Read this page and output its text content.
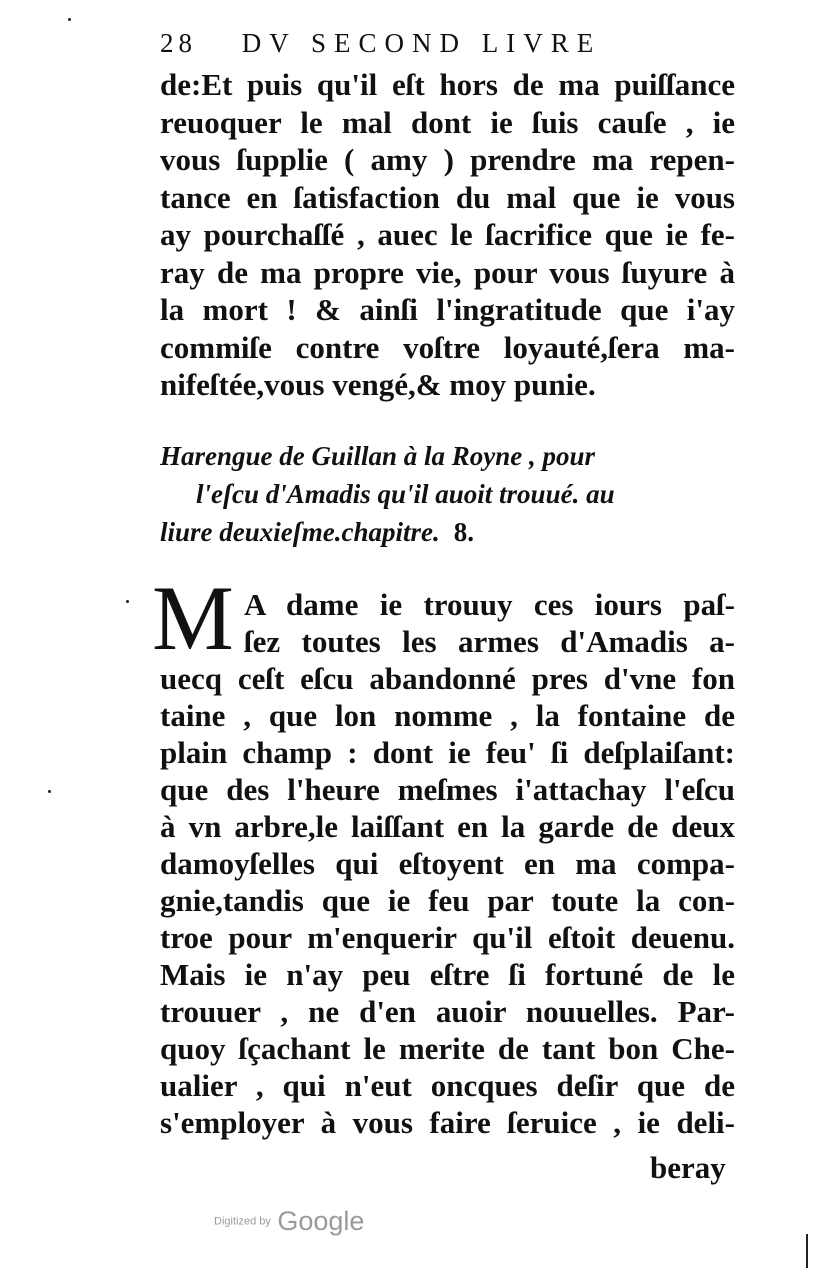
28 DV SECOND LIVRE
de:Et puis qu'il eſt hors de ma puiſſance
reuoquer le mal dont ie ſuis cauſe , ie
vous ſupplie ( amy ) prendre ma repen-
tance en ſatisfaction du mal que ie vous
ay pourchaſſé , auec le ſacrifice que ie fe-
ray de ma propre vie, pour vous ſuyure à
la mort ! & ainſi l'ingratitude que i'ay
commiſe contre voſtre loyauté,ſera ma-
nifeſtée,vous vengé,& moy punie.
Harengue de Guillan à la Royne , pour
l'eſcu d'Amadis qu'il auoit trouué. au
liure deuxieſme.chapitre. 8.
M A dame ie trouuy ces iours paſ-
ſez toutes les armes d'Amadis a-
uecq ceſt eſcu abandonné pres d'vne fon
taine , que lon nomme , la fontaine de
plain champ : dont ie feu' ſi deſplaiſant:
que des l'heure meſmes i'attachay l'eſcu
à vn arbre,le laiſſant en la garde de deux
damoyſelles qui eſtoyent en ma compa-
gnie,tandis que ie feu par toute la con-
troe pour m'enquerir qu'il eſtoit deuenu.
Mais ie n'ay peu eſtre ſi fortuné de le
trouuer , ne d'en auoir nouuelles. Par-
quoy ſçachant le merite de tant bon Che-
ualier , qui n'eut oncques deſir que de
s'employer à vous faire ſeruice , ie deli-
beray
Digitized by Google
